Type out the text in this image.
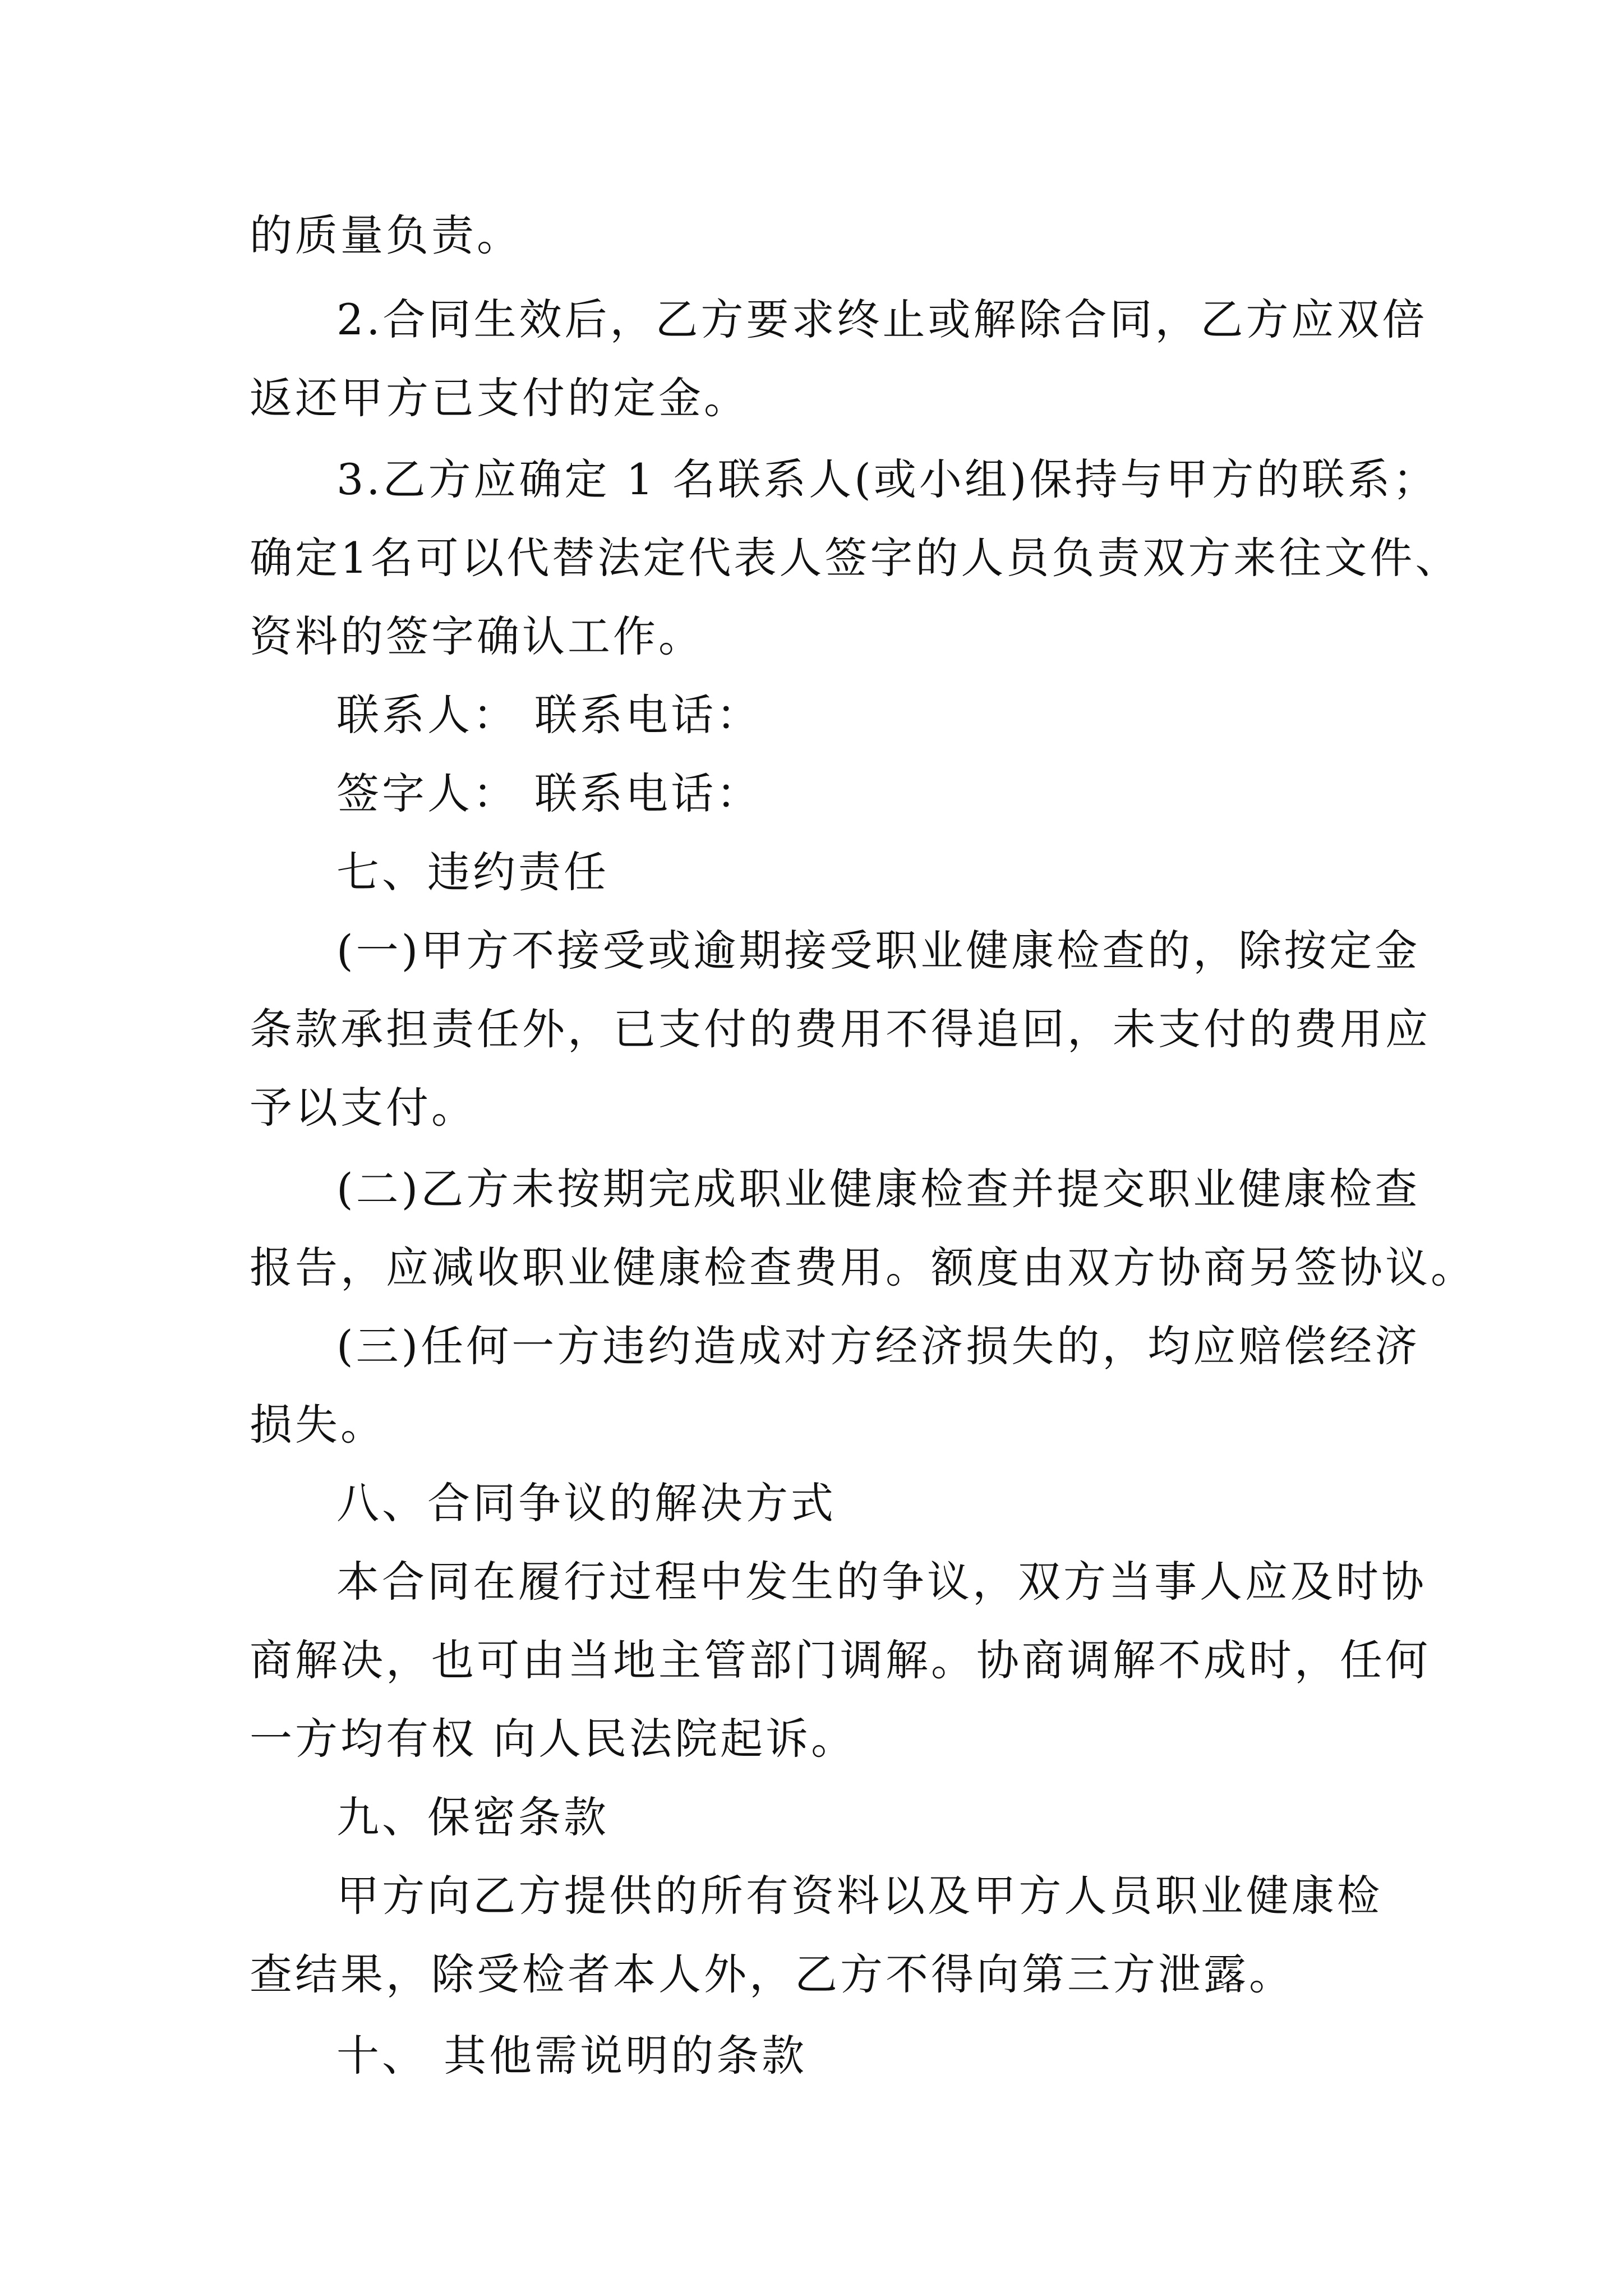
的质量负责。
2.合同生效后，乙方要求终止或解除合同，乙方应双倍
返还甲方已支付的定金。
3.乙方应确定 1 名联系人(或小组)保持与甲方的联系；
确定1名可以代替法定代表人签字的人员负责双方来往文件、
资料的签字确认工作。
联系人： 联系电话：
签字人： 联系电话：
七、违约责任
(一)甲方不接受或逾期接受职业健康检查的，除按定金
条款承担责任外，已支付的费用不得追回，未支付的费用应
予以支付。
(二)乙方未按期完成职业健康检查并提交职业健康检查
报告，应减收职业健康检查费用。额度由双方协商另签协议。
(三)任何一方违约造成对方经济损失的，均应赔偿经济
损失。
八、合同争议的解决方式
本合同在履行过程中发生的争议，双方当事人应及时协
商解决，也可由当地主管部门调解。协商调解不成时，任何
一方均有权 向人民法院起诉。
九、保密条款
甲方向乙方提供的所有资料以及甲方人员职业健康检
查结果，除受检者本人外，乙方不得向第三方泄露。
十、 其他需说明的条款
